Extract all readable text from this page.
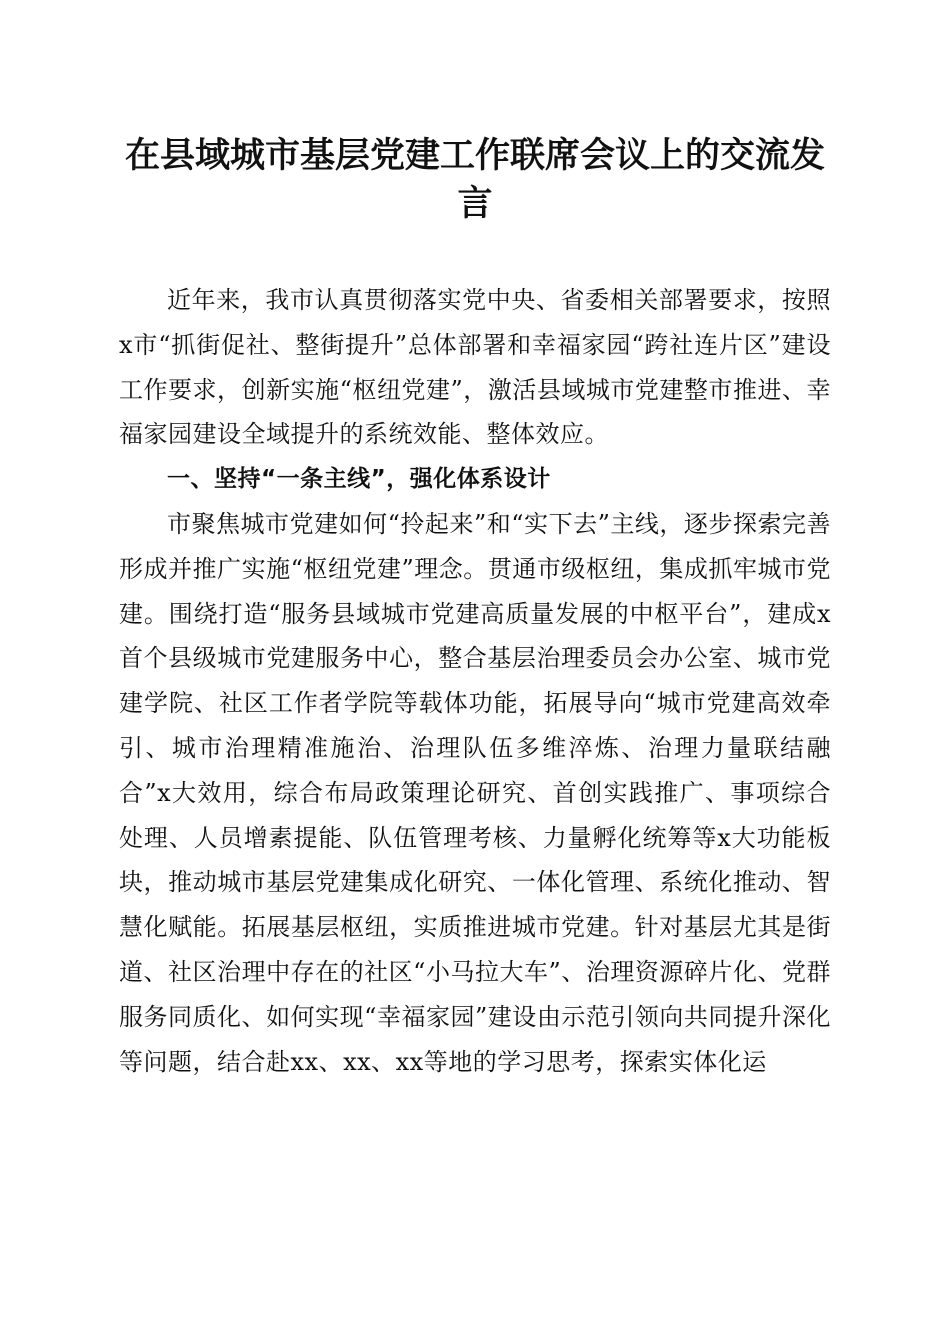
在县域城市基层党建工作联席会议上的交流发言

近年来，我市认真贯彻落实党中央、省委相关部署要求，按照x市“抓街促社、整街提升”总体部署和幸福家园“跨社连片区”建设工作要求，创新实施“枢纽党建”，激活县域城市党建整市推进、幸福家园建设全域提升的系统效能、整体效应。

一、坚持“一条主线”，强化体系设计

市聚焦城市党建如何“拎起来”和“实下去”主线，逐步探索完善形成并推广实施“枢纽党建”理念。贯通市级枢纽，集成抓牢城市党建。围绕打造“服务县域城市党建高质量发展的中枢平台”，建成x首个县级城市党建服务中心，整合基层治理委员会办公室、城市党建学院、社区工作者学院等载体功能，拓展导向“城市党建高效牵引、城市治理精准施治、治理队伍多维淬炼、治理力量联结融合”x大效用，综合布局政策理论研究、首创实践推广、事项综合处理、人员增素提能、队伍管理考核、力量孵化统筹等x大功能板块，推动城市基层党建集成化研究、一体化管理、系统化推动、智慧化赋能。拓展基层枢纽，实质推进城市党建。针对基层尤其是街道、社区治理中存在的社区“小马拉大车”、治理资源碎片化、党群服务同质化、如何实现“幸福家园”建设由示范引领向共同提升深化等问题，结合赴xx、xx、xx等地的学习思考，探索实体化运
